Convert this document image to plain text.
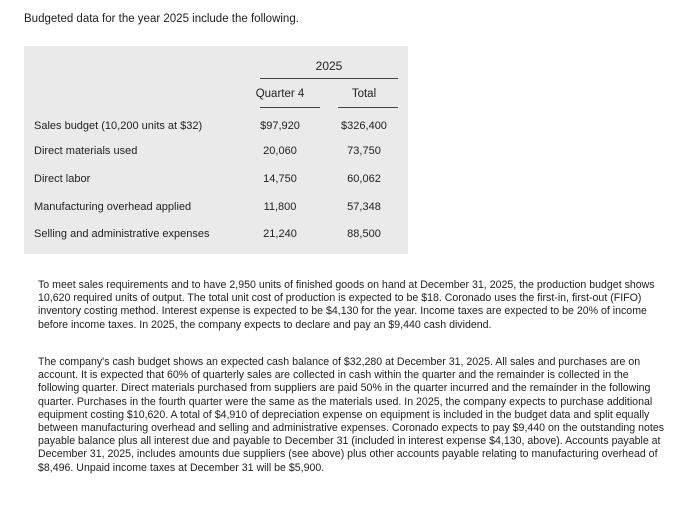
Budgeted data for the year 2025 include the following.
2025
Quarter 4	Total
Sales budget (10,200 units at $32)	$97,920	$326,400
Direct materials used	20,060	73,750
Direct labor	14,750	60,062
Manufacturing overhead applied	11,800	57,348
Selling and administrative expenses	21,240	88,500
To meet sales requirements and to have 2,950 units of finished goods on hand at December 31, 2025, the production budget shows
10,620 required units of output. The total unit cost of production is expected to be $18. Coronado uses the first-in, first-out (FIFO)
inventory costing method. Interest expense is expected to be $4,130 for the year. Income taxes are expected to be 20% of income
before income taxes. In 2025, the company expects to declare and pay an $9,440 cash dividend.
The company's cash budget shows an expected cash balance of $32,280 at December 31, 2025. All sales and purchases are on
account. It is expected that 60% of quarterly sales are collected in cash within the quarter and the remainder is collected in the
following quarter. Direct materials purchased from suppliers are paid 50% in the quarter incurred and the remainder in the following
quarter. Purchases in the fourth quarter were the same as the materials used. In 2025, the company expects to purchase additional
equipment costing $10,620. A total of $4,910 of depreciation expense on equipment is included in the budget data and split equally
between manufacturing overhead and selling and administrative expenses. Coronado expects to pay $9,440 on the outstanding notes
payable balance plus all interest due and payable to December 31 (included in interest expense $4,130, above). Accounts payable at
December 31, 2025, includes amounts due suppliers (see above) plus other accounts payable relating to manufacturing overhead of
$8,496. Unpaid income taxes at December 31 will be $5,900.
